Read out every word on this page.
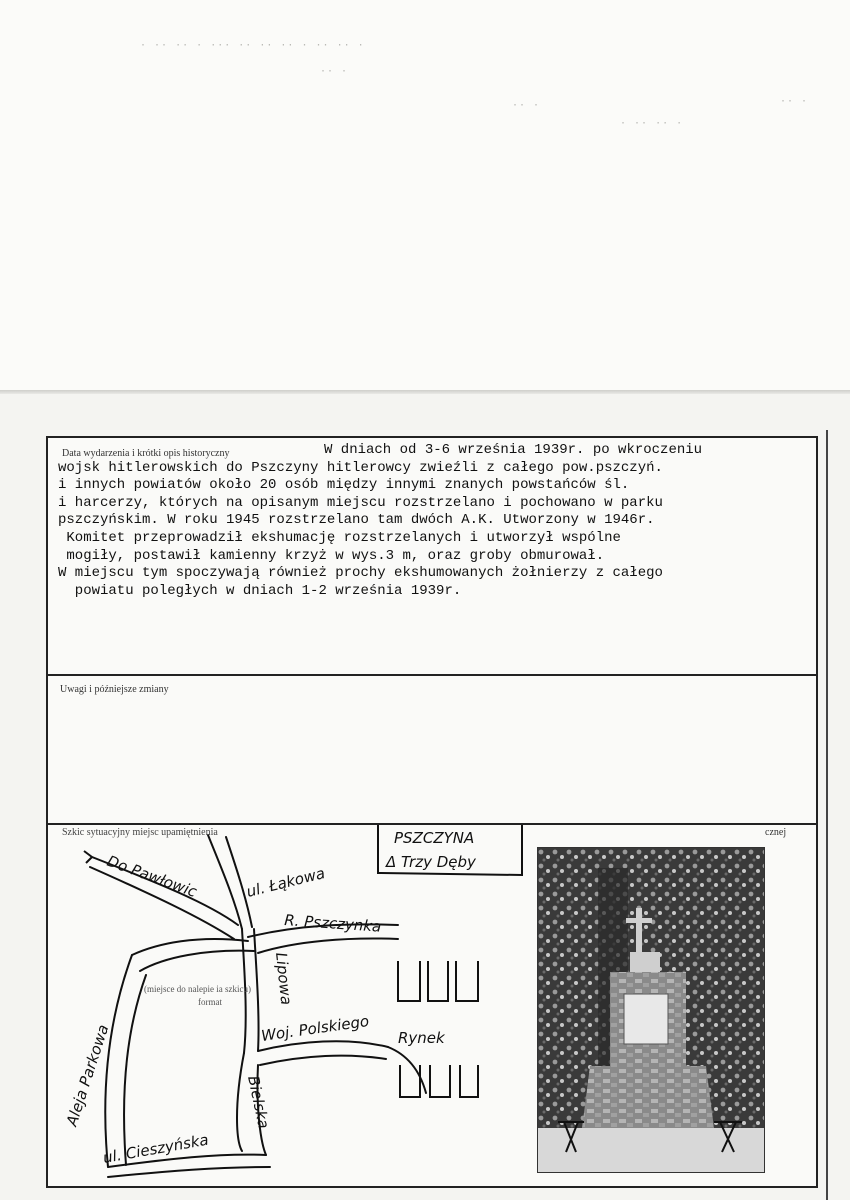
· ·· ·· · ··· ·· ·· ·· · ·· ·· ·
·· ·
·· ·
· ·· ·· ·
·· ·
Data wydarzenia i krótki opis historyczny	W dniach od 3-6 września 1939r. po wkroczeniu
wojsk hitlerowskich do Pszczyny hitlerowcy zwieźli z całego pow.pszczyń.
i innych powiatów około 20 osób między innymi znanych powstańców śl.
i harcerzy, których na opisanym miejscu rozstrzelano i pochowano w parku
pszczyńskim. W roku 1945 rozstrzelano tam dwóch A.K. Utworzony w 1946r.
Komitet przeprowadził ekshumację rozstrzelanych i utworzył wspólne
mogiły, postawił kamienny krzyż w wys.3 m, oraz groby obmurował.
W miejscu tym spoczywają również prochy ekshumowanych żołnierzy z całego
powiatu poległych w dniach 1-2 września 1939r.
Uwagi i późniejsze zmiany
PSZCZYNA
Δ Trzy Dęby
Do Pawłowic	ul. Łąkowa
R. Pszczynka
Lipowa
Woj. Polskiego Rynek
Aleja Parkowa	Bielska
ul. Cieszyńska
Szkic sytuacyjny miejsc upamiętnienia
(miejsce do nalepie ia szkicu)
format
cznej
